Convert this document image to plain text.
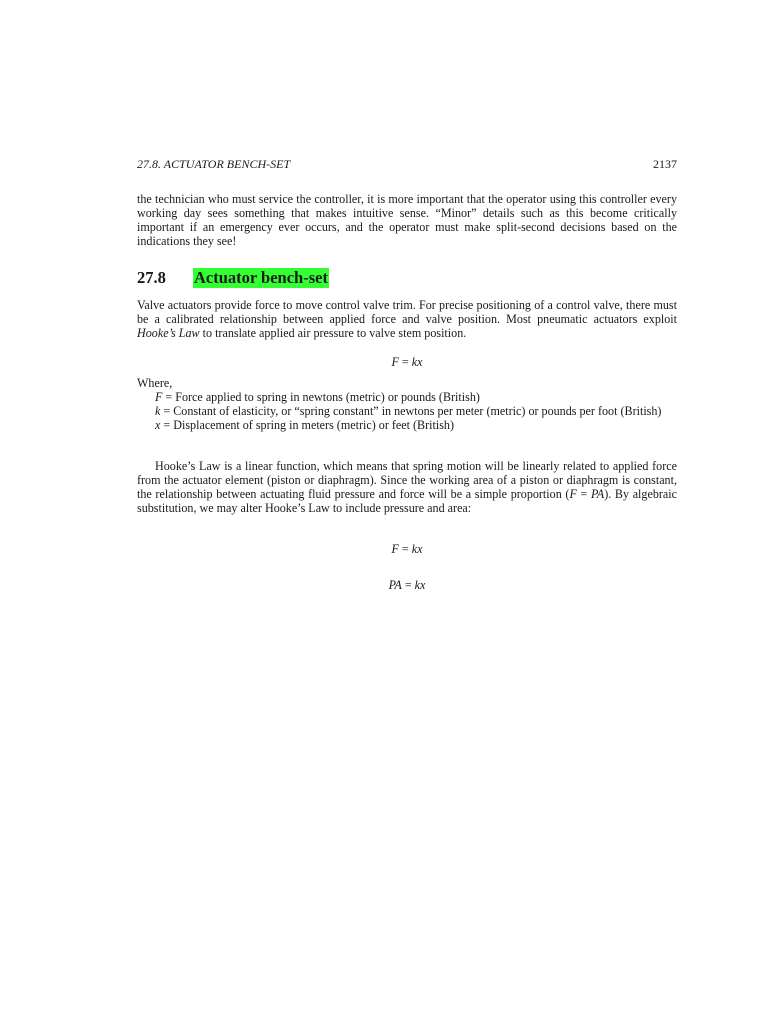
27.8. ACTUATOR BENCH-SET	2137

the technician who must service the controller, it is more important that the operator using this controller every working day sees something that makes intuitive sense. “Minor” details such as this become critically important if an emergency ever occurs, and the operator must make split-second decisions based on the indications they see!

27.8 Actuator bench-set

Valve actuators provide force to move control valve trim. For precise positioning of a control valve, there must be a calibrated relationship between applied force and valve position. Most pneumatic actuators exploit Hooke’s Law to translate applied air pressure to valve stem position.

F = kx

Where,

F = Force applied to spring in newtons (metric) or pounds (British)

k = Constant of elasticity, or “spring constant” in newtons per meter (metric) or pounds per foot (British)

x = Displacement of spring in meters (metric) or feet (British)

Hooke’s Law is a linear function, which means that spring motion will be linearly related to applied force from the actuator element (piston or diaphragm). Since the working area of a piston or diaphragm is constant, the relationship between actuating fluid pressure and force will be a simple proportion (F = PA). By algebraic substitution, we may alter Hooke’s Law to include pressure and area:

F = kx
PA = kx
